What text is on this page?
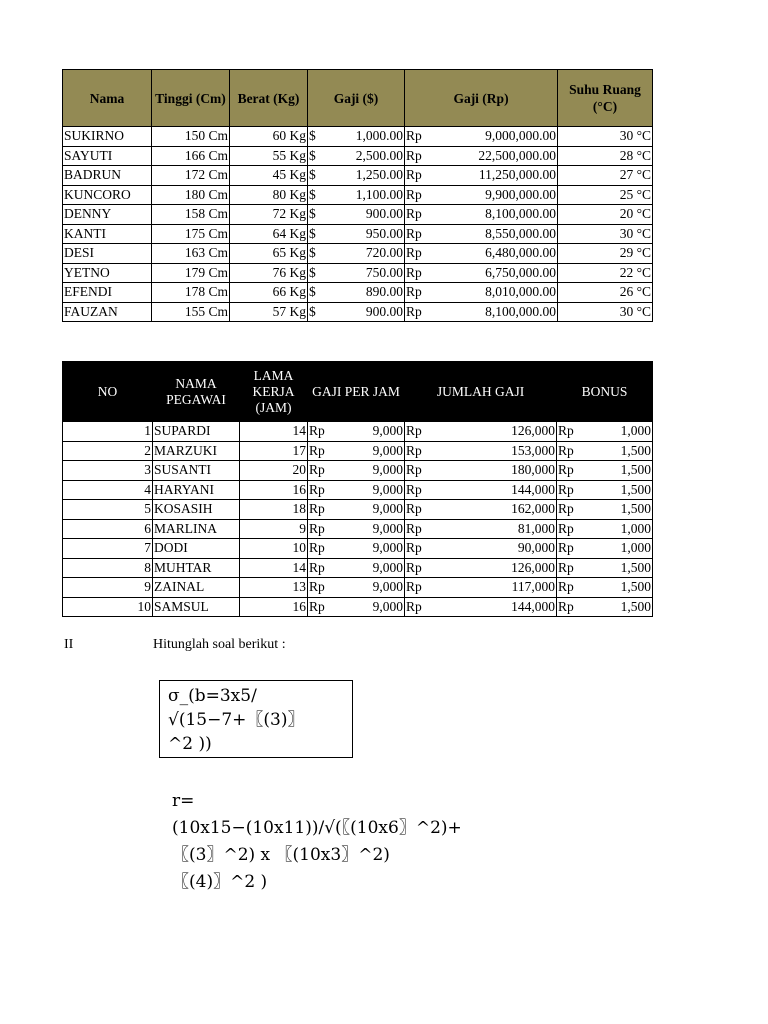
Nama	Tinggi (Cm)	Berat (Kg)	Gaji ($)	Gaji (Rp)	Suhu Ruang (°C)
SUKIRNO	150 Cm	60 Kg	$ 1,000.00	Rp 9,000,000.00	30 °C
SAYUTI	166 Cm	55 Kg	$ 2,500.00	Rp 22,500,000.00	28 °C
BADRUN	172 Cm	45 Kg	$ 1,250.00	Rp 11,250,000.00	27 °C
KUNCORO	180 Cm	80 Kg	$ 1,100.00	Rp 9,900,000.00	25 °C
DENNY	158 Cm	72 Kg	$ 900.00	Rp 8,100,000.00	20 °C
KANTI	175 Cm	64 Kg	$ 950.00	Rp 8,550,000.00	30 °C
DESI	163 Cm	65 Kg	$ 720.00	Rp 6,480,000.00	29 °C
YETNO	179 Cm	76 Kg	$ 750.00	Rp 6,750,000.00	22 °C
EFENDI	178 Cm	66 Kg	$ 890.00	Rp 8,010,000.00	26 °C
FAUZAN	155 Cm	57 Kg	$ 900.00	Rp 8,100,000.00	30 °C
NO	NAMA PEGAWAI	LAMA KERJA (JAM)	GAJI PER JAM	JUMLAH GAJI	BONUS
1	SUPARDI	14	Rp 9,000	Rp 126,000	Rp 1,000

2	MARZUKI	17	Rp 9,000	Rp 153,000	Rp 1,500

3	SUSANTI	20	Rp 9,000	Rp 180,000	Rp 1,500

4	HARYANI	16	Rp 9,000	Rp 144,000	Rp 1,500

5	KOSASIH	18	Rp 9,000	Rp 162,000	Rp 1,500

6	MARLINA	9	Rp 9,000	Rp 81,000	Rp 1,000

7	DODI	10	Rp 9,000	Rp 90,000	Rp 1,000

8	MUHTAR	14	Rp 9,000	Rp 126,000	Rp 1,500

9	ZAINAL	13	Rp 9,000	Rp 117,000	Rp 1,500

10	SAMSUL	16	Rp 9,000	Rp 144,000	Rp 1,500
II	Hitunglah soal berikut :
σ_(b=3x5/
√(15−7+〖(3)〗
^2 ))
r=
(10x15−(10x11))/√(〖(10x6〗^2)+
〖(3〗^2) x 〖(10x3〗^2)
〖(4)〗^2 )
